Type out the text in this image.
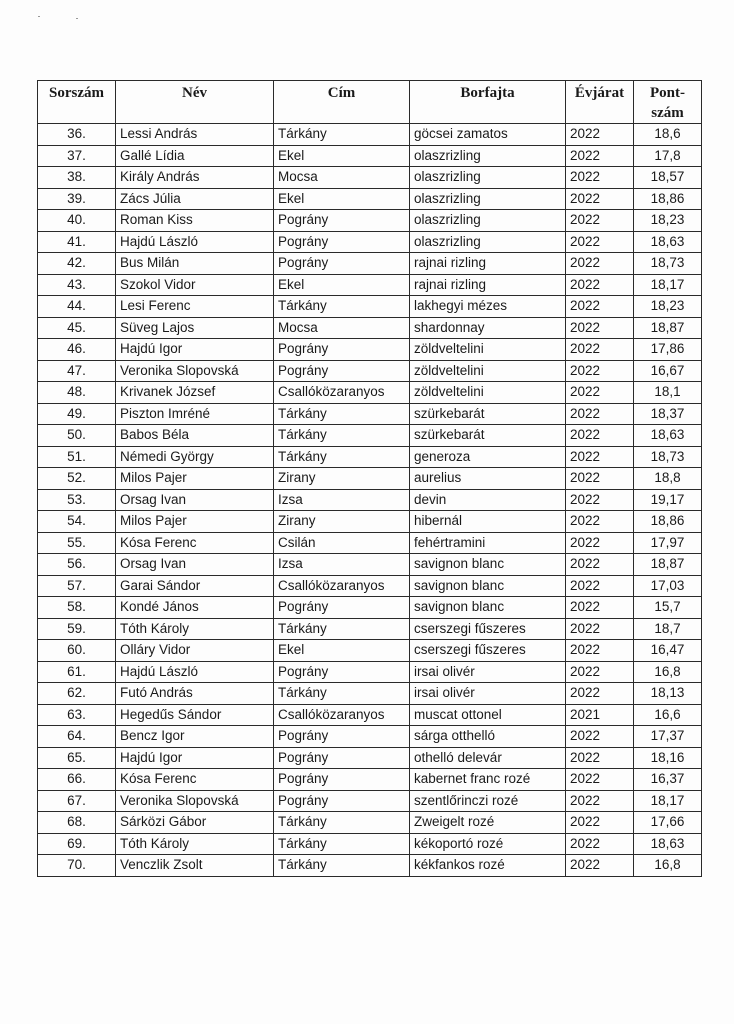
Sorszám	Név	Cím	Borfajta	Évjárat	Pont-
szám
36.	Lessi András	Tárkány	göcsei zamatos	2022	18,6
37.	Gallé Lídia	Ekel	olaszrizling	2022	17,8
38.	Király András	Mocsa	olaszrizling	2022	18,57
39.	Zács Júlia	Ekel	olaszrizling	2022	18,86
40.	Roman Kiss	Pográny	olaszrizling	2022	18,23
41.	Hajdú László	Pográny	olaszrizling	2022	18,63
42.	Bus Milán	Pográny	rajnai rizling	2022	18,73
43.	Szokol Vidor	Ekel	rajnai rizling	2022	18,17
44.	Lesi Ferenc	Tárkány	lakhegyi mézes	2022	18,23
45.	Süveg Lajos	Mocsa	shardonnay	2022	18,87
46.	Hajdú Igor	Pográny	zöldveltelini	2022	17,86
47.	Veronika Slopovská	Pográny	zöldveltelini	2022	16,67
48.	Krivanek József	Csallóközaranyos	zöldveltelini	2022	18,1
49.	Piszton Imréné	Tárkány	szürkebarát	2022	18,37
50.	Babos Béla	Tárkány	szürkebarát	2022	18,63
51.	Némedi György	Tárkány	generoza	2022	18,73
52.	Milos Pajer	Zirany	aurelius	2022	18,8
53.	Orsag Ivan	Izsa	devin	2022	19,17
54.	Milos Pajer	Zirany	hibernál	2022	18,86
55.	Kósa Ferenc	Csilán	fehértramini	2022	17,97
56.	Orsag Ivan	Izsa	savignon blanc	2022	18,87
57.	Garai Sándor	Csallóközaranyos	savignon blanc	2022	17,03
58.	Kondé János	Pográny	savignon blanc	2022	15,7
59.	Tóth Károly	Tárkány	cserszegi fűszeres	2022	18,7
60.	Olláry Vidor	Ekel	cserszegi fűszeres	2022	16,47
61.	Hajdú László	Pográny	irsai olivér	2022	16,8
62.	Futó András	Tárkány	irsai olivér	2022	18,13
63.	Hegedűs Sándor	Csallóközaranyos	muscat ottonel	2021	16,6
64.	Bencz Igor	Pográny	sárga otthelló	2022	17,37
65.	Hajdú Igor	Pográny	othelló delevár	2022	18,16
66.	Kósa Ferenc	Pográny	kabernet franc rozé	2022	16,37
67.	Veronika Slopovská	Pográny	szentlőrinczi rozé	2022	18,17
68.	Sárközi Gábor	Tárkány	Zweigelt rozé	2022	17,66
69.	Tóth Károly	Tárkány	kékoportó rozé	2022	18,63
70.	Venczlik Zsolt	Tárkány	kékfankos rozé	2022	16,8
